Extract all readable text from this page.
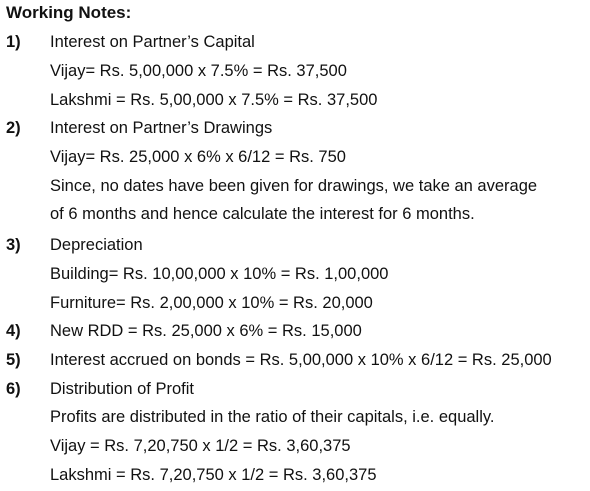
Working Notes:
1) Interest on Partner’s Capital
Vijay= Rs. 5,00,000 x 7.5% = Rs. 37,500
Lakshmi = Rs. 5,00,000 x 7.5% = Rs. 37,500
2) Interest on Partner’s Drawings
Vijay= Rs. 25,000 x 6% x 6/12 = Rs. 750
Since, no dates have been given for drawings, we take an average
of 6 months and hence calculate the interest for 6 months.
3) Depreciation
Building= Rs. 10,00,000 x 10% = Rs. 1,00,000
Furniture= Rs. 2,00,000 x 10% = Rs. 20,000
4) New RDD = Rs. 25,000 x 6% = Rs. 15,000
5) Interest accrued on bonds = Rs. 5,00,000 x 10% x 6/12 = Rs. 25,000
6) Distribution of Profit
Profits are distributed in the ratio of their capitals, i.e. equally.
Vijay = Rs. 7,20,750 x 1/2 = Rs. 3,60,375
Lakshmi = Rs. 7,20,750 x 1/2 = Rs. 3,60,375
